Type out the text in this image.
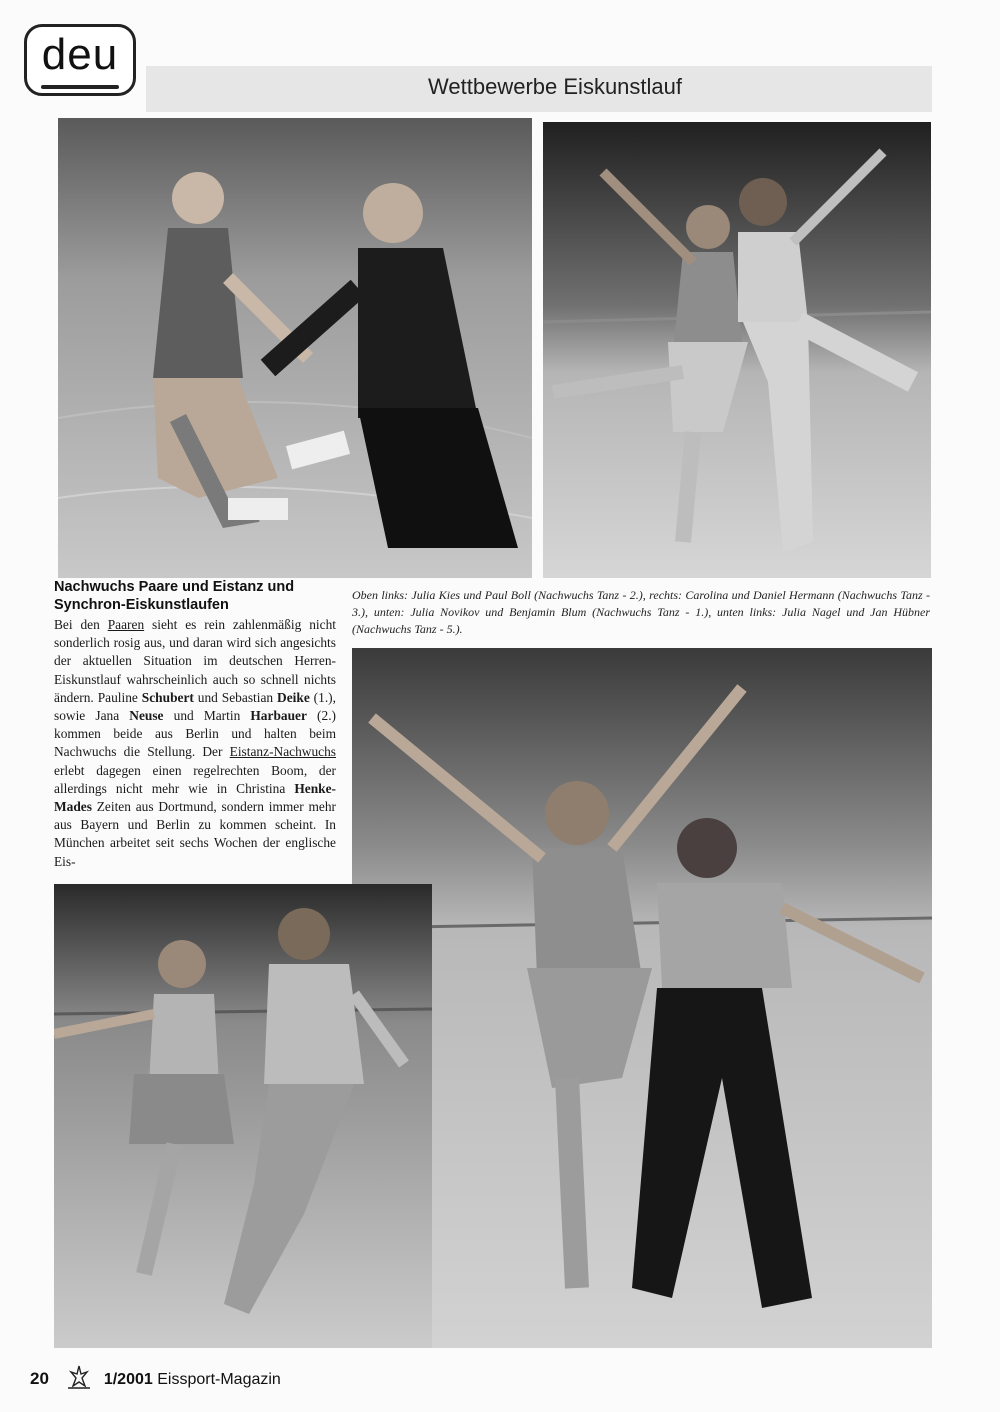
deu
Wettbewerbe Eiskunstlauf
Oben links: Julia Kies und Paul Boll (Nachwuchs Tanz - 2.), rechts: Carolina und Daniel Hermann (Nachwuchs Tanz - 3.), unten: Julia Novikov und Benjamin Blum (Nachwuchs Tanz - 1.), unten links: Julia Nagel und Jan Hübner (Nachwuchs Tanz - 5.).
Nachwuchs Paare und Eistanz und Synchron-Eiskunstlaufen
Bei den Paaren sieht es rein zahlenmäßig nicht sonderlich rosig aus, und daran wird sich angesichts der aktuellen Situation im deutschen Herren-Eiskunstlauf wahrscheinlich auch so schnell nichts ändern. Pauline Schubert und Sebastian Deike (1.), sowie Jana Neuse und Martin Harbauer (2.) kommen beide aus Berlin und halten beim Nachwuchs die Stellung. Der Eistanz-Nachwuchs erlebt dagegen einen regelrechten Boom, der allerdings nicht mehr wie in Christina Henke-Mades Zeiten aus Dortmund, sondern immer mehr aus Bayern und Berlin zu kommen scheint. In München arbeitet seit sechs Wochen der englische Eis-
20	1/2001 Eissport-Magazin
